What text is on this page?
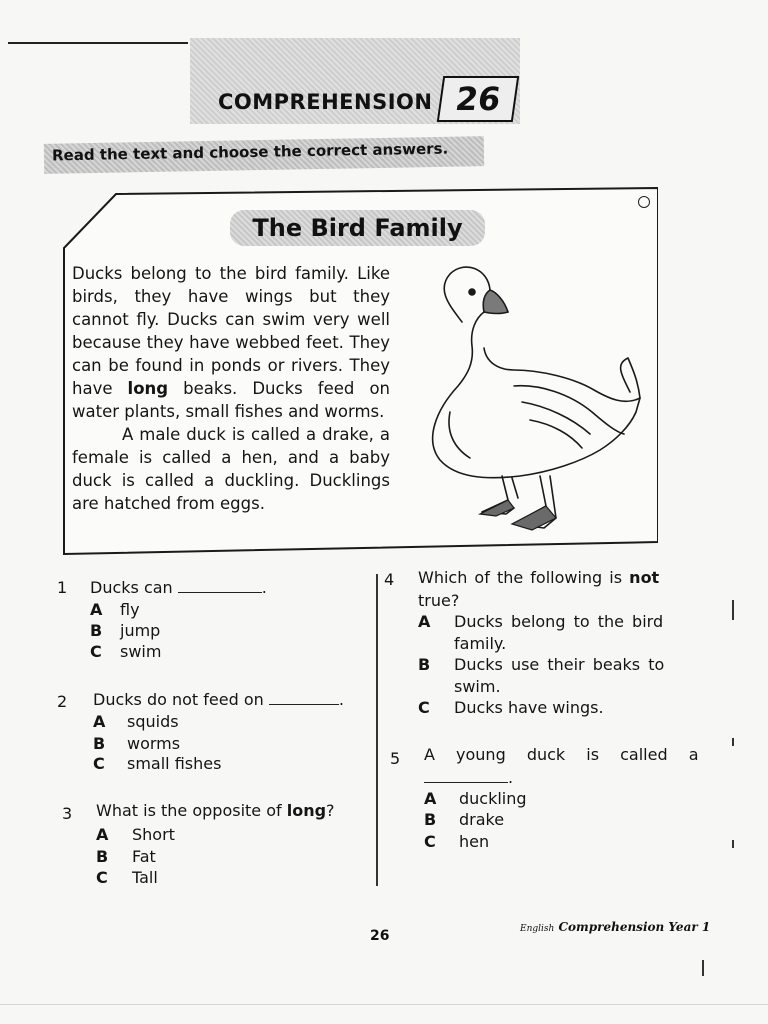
COMPREHENSION 26
Read the text and choose the correct answers.
The Bird Family

Ducks belong to the bird family. Like birds, they have wings but they cannot fly. Ducks can swim very well because they have webbed feet. They can be found in ponds or rivers. They have long beaks. Ducks feed on water plants, small fishes and worms.

A male duck is called a drake, a female is called a hen, and a baby duck is called a duckling. Ducklings are hatched from eggs.

1 Ducks can	.
A fly
B jump
C swim
2 Ducks do not feed on	.
A squids
B worms
C small fishes
3 What is the opposite of long?
A Short
B Fat
C Tall
4 Which of the following is not
true?
A Ducks belong to the bird
family.
B Ducks use their beaks to
swim.
C Ducks have wings.
5 A young duck is called a
.
A duckling
B drake
C hen
26	English Comprehension Year 1
